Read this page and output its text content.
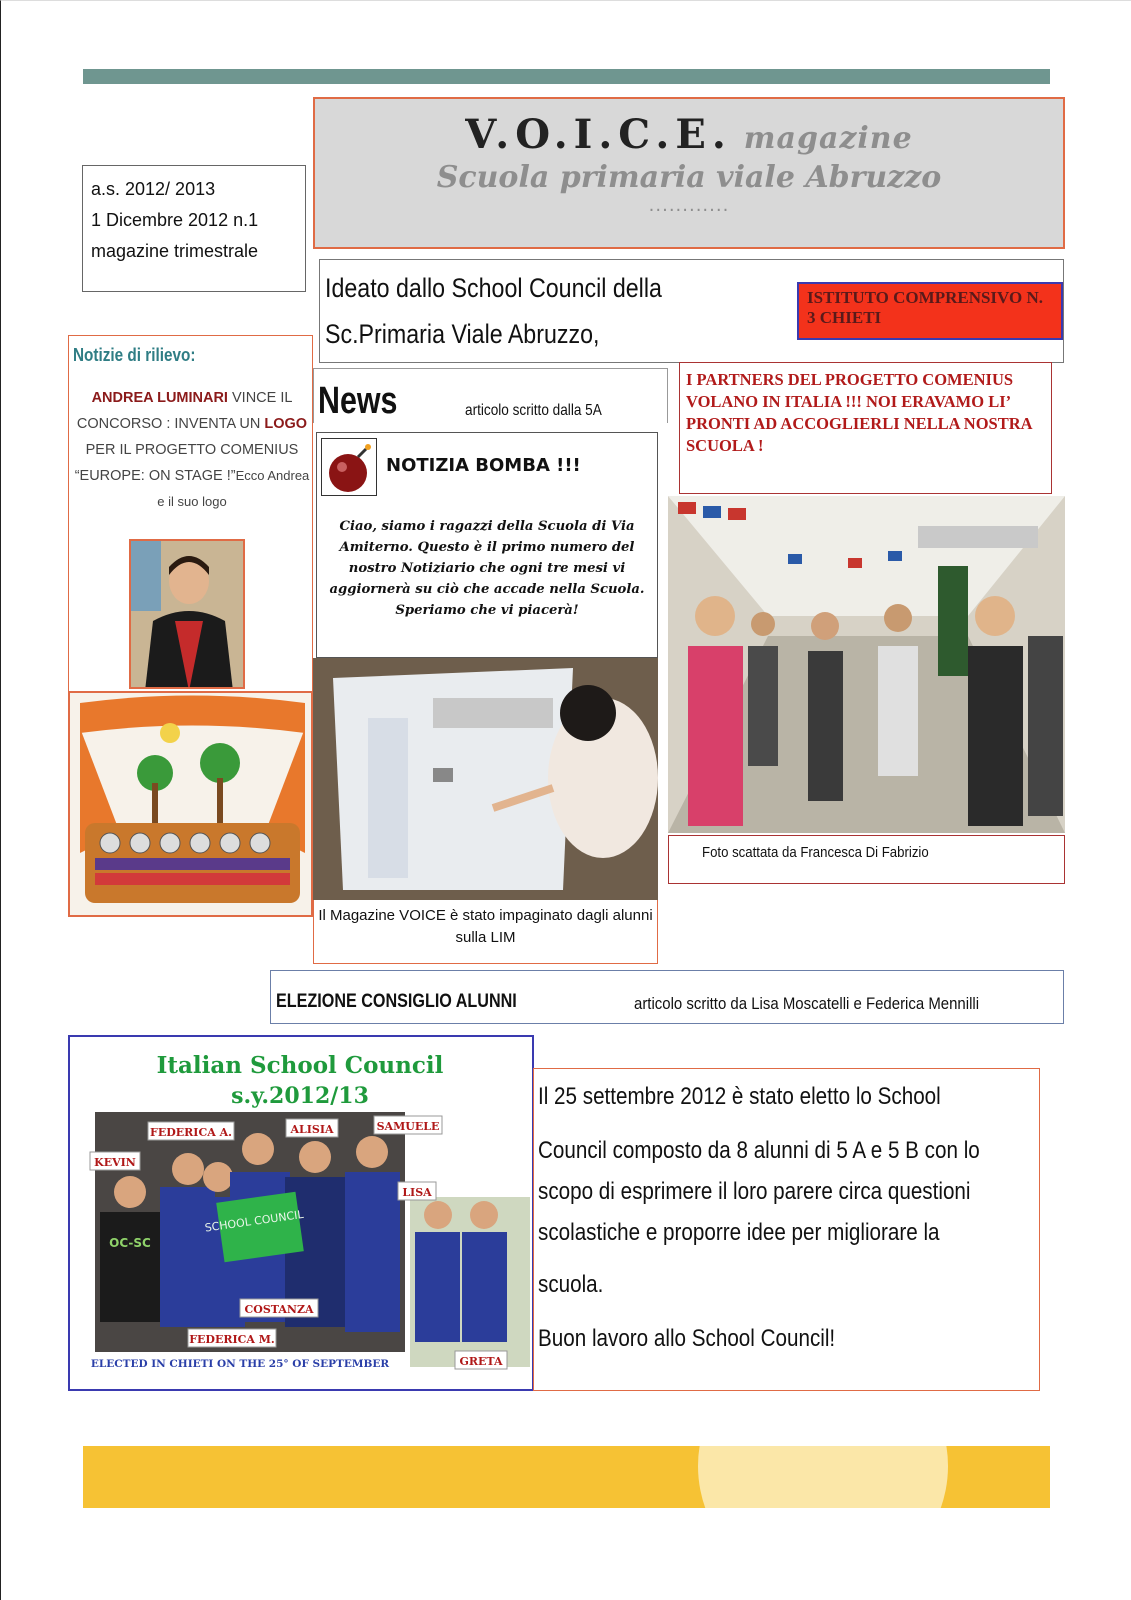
V.O.I.C.E. magazine
Scuola primaria viale Abruzzo
............
a.s. 2012/ 2013
1 Dicembre 2012 n.1
magazine trimestrale
Ideato dallo School Council della
Sc.Primaria Viale Abruzzo,
ISTITUTO COMPRENSIVO N. 3 CHIETI
Notizie di rilievo:
ANDREA LUMINARI VINCE IL CONCORSO : INVENTA UN LOGO PER IL PROGETTO COMENIUS “EUROPE: ON STAGE !”Ecco Andrea e il suo logo
News	articolo scritto dalla 5A
NOTIZIA BOMBA !!!
Ciao, siamo i ragazzi della Scuola di Via Amiterno. Questo è il primo numero del nostro Notiziario che ogni tre mesi vi aggiornerà su ciò che accade nella Scuola. Speriamo che vi piacerà!
Il Magazine VOICE è stato impaginato dagli alunni sulla LIM
I PARTNERS DEL PROGETTO COMENIUS VOLANO IN ITALIA !!! NOI ERAVAMO LI’ PRONTI AD ACCOGLIERLI NELLA NOSTRA SCUOLA !
Foto scattata da Francesca Di Fabrizio
ELEZIONE CONSIGLIO ALUNNI	articolo scritto da Lisa Moscatelli e Federica Mennilli
Italian School Council
s.y.2012/13
OC-SC
SCHOOL COUNCIL
FEDERICA A.	ALISIA	SAMUELE
KEVIN
LISA
COSTANZA
FEDERICA M.
GRETA
ELECTED IN CHIETI ON THE 25° OF SEPTEMBER

Il 25 settembre 2012 è stato eletto lo School

Council composto da 8 alunni di 5 A e 5 B con lo

scopo di esprimere il loro parere circa questioni

scolastiche e proporre idee per migliorare la

scuola.

Buon lavoro allo School Council!
